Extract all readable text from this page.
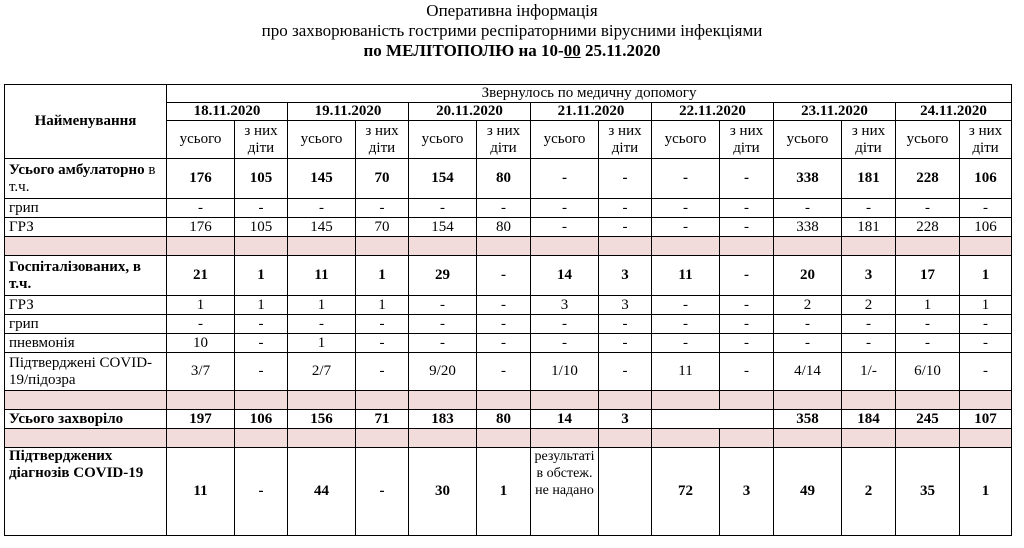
Оперативна інформація
про захворюваність гострими респіраторними вірусними інфекціями
по МЕЛІТОПОЛЮ на 10-00 25.11.2020
Найменування	Звернулось по медичну допомогу													
	18.11.2020		19.11.2020		20.11.2020		21.11.2020		22.11.2020		23.11.2020		24.11.2020	
	усього	з них діти	усього	з них діти	усього	з них діти	усього	з них діти	усього	з них діти	усього	з них діти	усього	з них діти
Усього амбулаторно в т.ч.	176	105	145	70	154	80	-	-	-	-	338	181	228	106
грип	-	-	-	-	-	-	-	-	-	-	-	-	-	-
ГРЗ	176	105	145	70	154	80	-	-	-	-	338	181	228	106

Госпіталізованих, в т.ч.	21	1	11	1	29	-	14	3	11	-	20	3	17	1
ГРЗ	1	1	1	1	-	-	3	3	-	-	2	2	1	1
грип	-	-	-	-	-	-	-	-	-	-	-	-	-	-
пневмонія	10	-	1	-	-	-	-	-	-	-	-	-	-	-
Підтверджені COVID-19/підозра	3/7	-	2/7	-	9/20	-	1/10	-	11	-	4/14	1/-	6/10	-

Усього захворіло	197	106	156	71	183	80	14	3			358	184	245	107

Підтверджених діагнозів COVID-19	11	-	44	-	30	1	результатів обстеж. не надано		72	3	49	2	35	1
